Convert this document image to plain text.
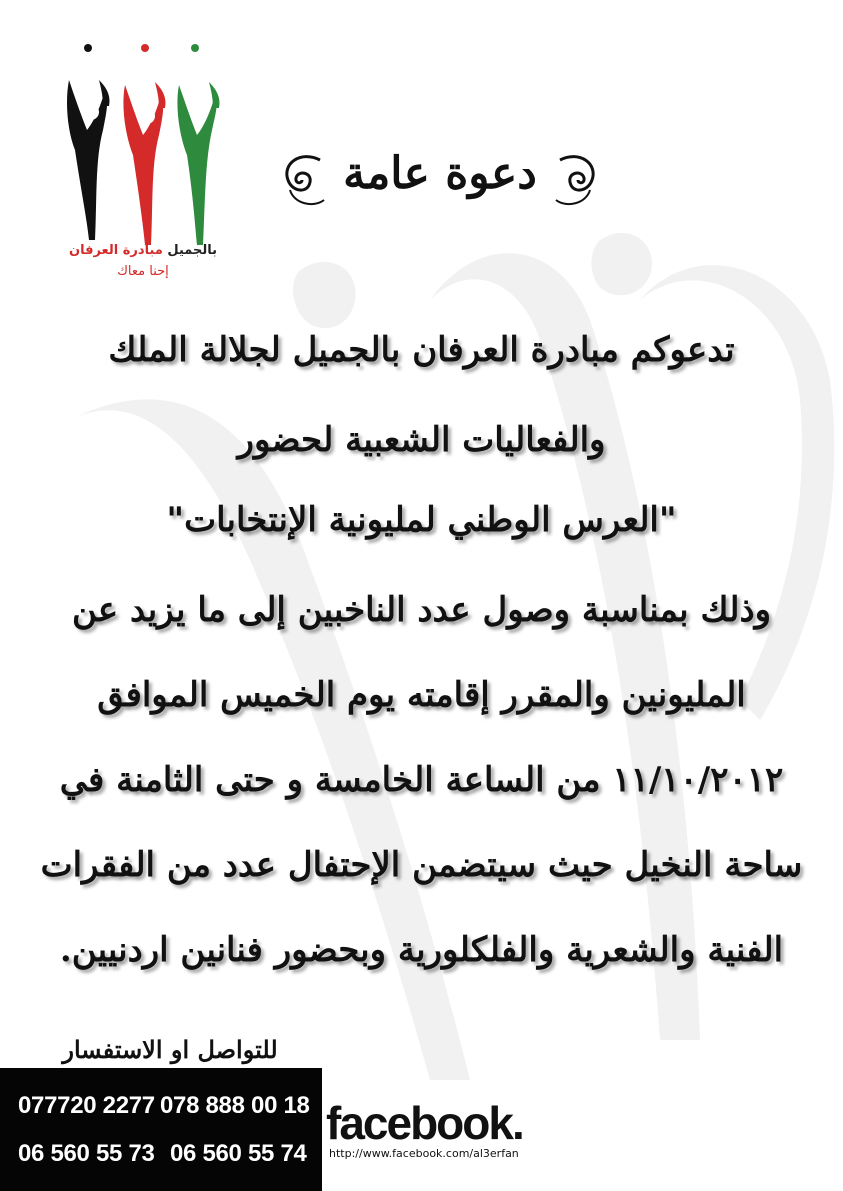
بالجميل مبادرة العرفان
إحنا معاك
دعوة عامة
تدعوكم مبادرة العرفان بالجميل لجلالة الملك
والفعاليات الشعبية لحضور
"العرس الوطني لمليونية الإنتخابات"
وذلك بمناسبة وصول عدد الناخبين إلى ما يزيد عن
المليونين والمقرر إقامته يوم الخميس الموافق
١١/١٠/٢٠١٢ من الساعة الخامسة و حتى الثامنة في
ساحة النخيل حيث سيتضمن الإحتفال عدد من الفقرات
الفنية والشعرية والفلكلورية وبحضور فنانين اردنيين.
للتواصل او الاستفسار
077720 2277 078 888 00 18
06 560 55 73 06 560 55 74
facebook.
http://www.facebook.com/al3erfan
